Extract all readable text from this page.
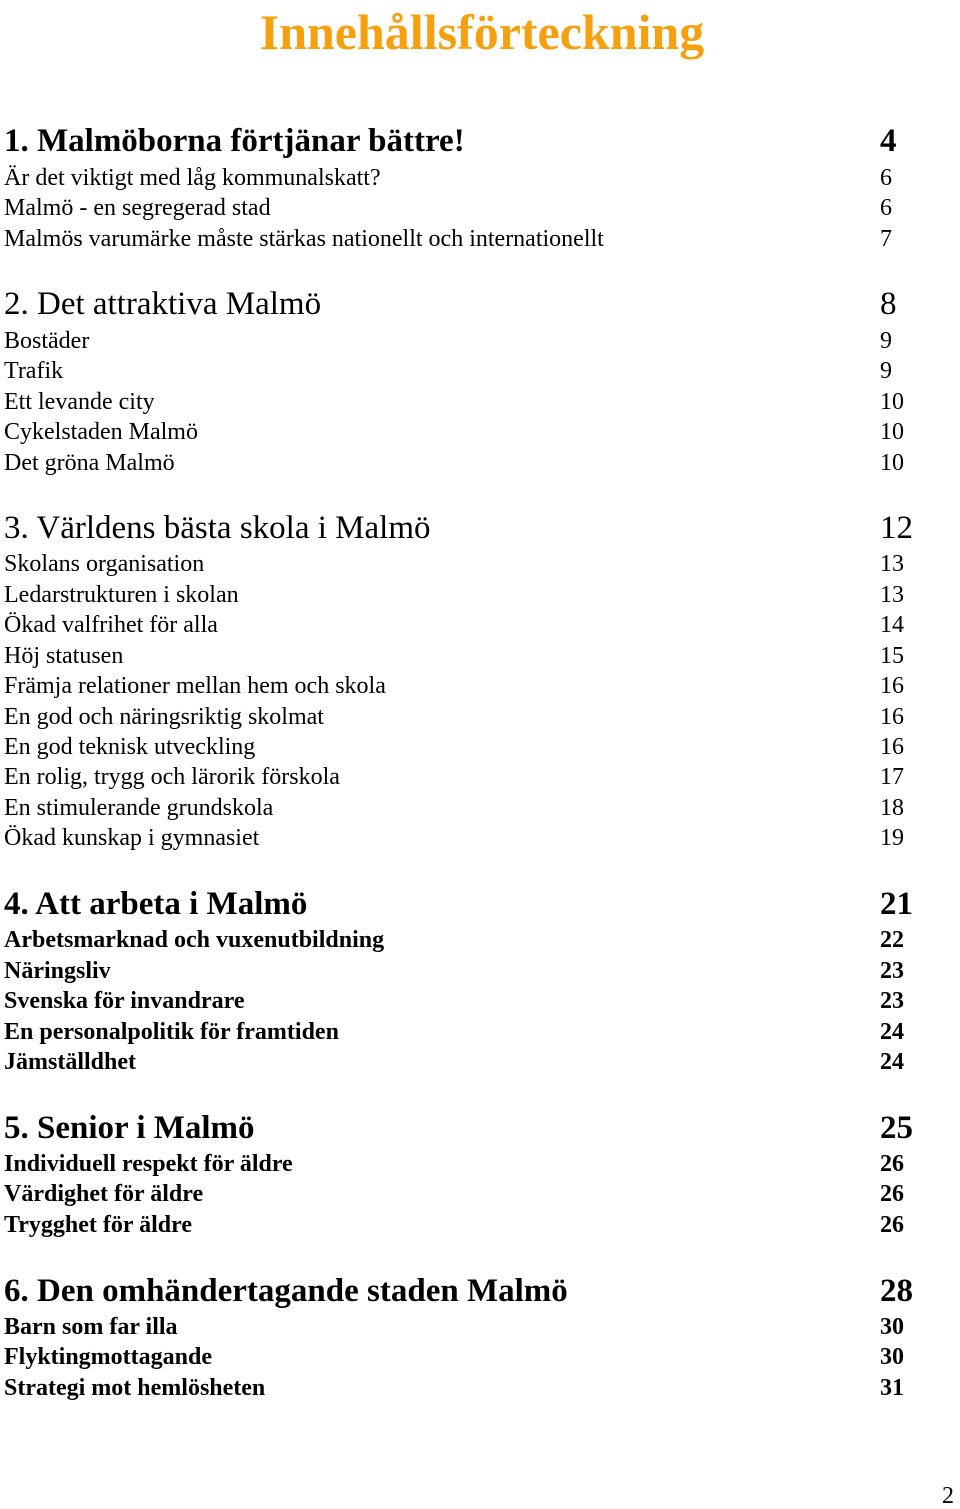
Innehållsförteckning
1. Malmöborna förtjänar bättre!	4
Är det viktigt med låg kommunalskatt?	6
Malmö - en segregerad stad	6
Malmös varumärke måste stärkas nationellt och internationellt	7
2. Det attraktiva Malmö	8
Bostäder	9
Trafik	9
Ett levande city	10
Cykelstaden Malmö	10
Det gröna Malmö	10
3. Världens bästa skola i Malmö	12
Skolans organisation	13
Ledarstrukturen i skolan	13
Ökad valfrihet för alla	14
Höj statusen	15
Främja relationer mellan hem och skola	16
En god och näringsriktig skolmat	16
En god teknisk utveckling	16
En rolig, trygg och lärorik förskola	17
En stimulerande grundskola	18
Ökad kunskap i gymnasiet	19
4. Att arbeta i Malmö	21
Arbetsmarknad och vuxenutbildning	22
Näringsliv	23
Svenska för invandrare	23
En personalpolitik för framtiden	24
Jämställdhet	24
5. Senior i Malmö	25
Individuell respekt för äldre	26
Värdighet för äldre	26
Trygghet för äldre	26
6. Den omhändertagande staden Malmö	28
Barn som far illa	30
Flyktingmottagande	30
Strategi mot hemlösheten	31
2
